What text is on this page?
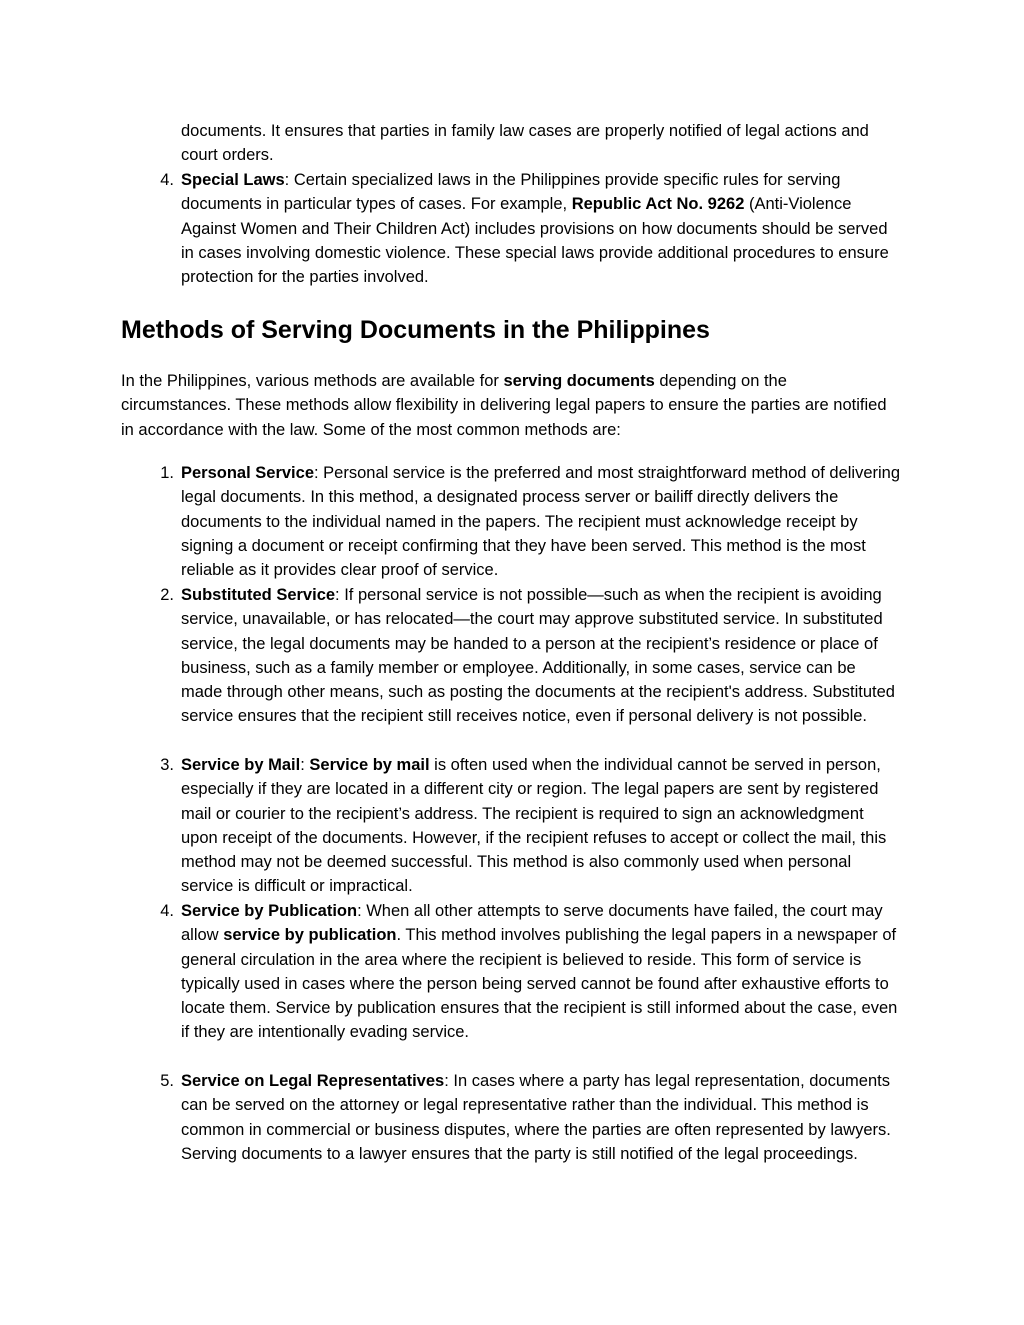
documents. It ensures that parties in family law cases are properly notified of legal actions and court orders.
4. Special Laws: Certain specialized laws in the Philippines provide specific rules for serving documents in particular types of cases. For example, Republic Act No. 9262 (Anti-Violence Against Women and Their Children Act) includes provisions on how documents should be served in cases involving domestic violence. These special laws provide additional procedures to ensure protection for the parties involved.
Methods of Serving Documents in the Philippines
In the Philippines, various methods are available for serving documents depending on the circumstances. These methods allow flexibility in delivering legal papers to ensure the parties are notified in accordance with the law. Some of the most common methods are:
1. Personal Service: Personal service is the preferred and most straightforward method of delivering legal documents. In this method, a designated process server or bailiff directly delivers the documents to the individual named in the papers. The recipient must acknowledge receipt by signing a document or receipt confirming that they have been served. This method is the most reliable as it provides clear proof of service.
2. Substituted Service: If personal service is not possible—such as when the recipient is avoiding service, unavailable, or has relocated—the court may approve substituted service. In substituted service, the legal documents may be handed to a person at the recipient’s residence or place of business, such as a family member or employee. Additionally, in some cases, service can be made through other means, such as posting the documents at the recipient's address. Substituted service ensures that the recipient still receives notice, even if personal delivery is not possible.
3. Service by Mail: Service by mail is often used when the individual cannot be served in person, especially if they are located in a different city or region. The legal papers are sent by registered mail or courier to the recipient’s address. The recipient is required to sign an acknowledgment upon receipt of the documents. However, if the recipient refuses to accept or collect the mail, this method may not be deemed successful. This method is also commonly used when personal service is difficult or impractical.
4. Service by Publication: When all other attempts to serve documents have failed, the court may allow service by publication. This method involves publishing the legal papers in a newspaper of general circulation in the area where the recipient is believed to reside. This form of service is typically used in cases where the person being served cannot be found after exhaustive efforts to locate them. Service by publication ensures that the recipient is still informed about the case, even if they are intentionally evading service.
5. Service on Legal Representatives: In cases where a party has legal representation, documents can be served on the attorney or legal representative rather than the individual. This method is common in commercial or business disputes, where the parties are often represented by lawyers. Serving documents to a lawyer ensures that the party is still notified of the legal proceedings.
